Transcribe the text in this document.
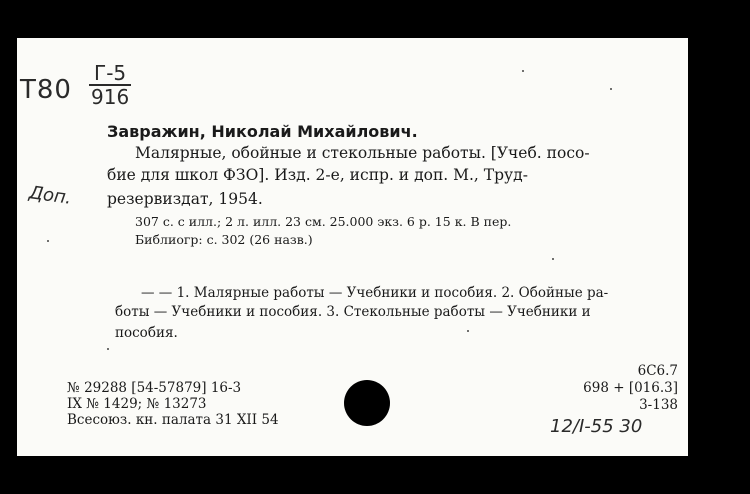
Т80
Г-5
916
Завражин, Николай Михайлович.
Малярные, обойные и стекольные работы. [Учеб. посо-
бие для школ ФЗО]. Изд. 2-е, испр. и доп. М., Труд-
резервиздат, 1954.
Доп.
307 с. с илл.; 2 л. илл. 23 см. 25.000 экз. 6 р. 15 к. В пер.
Библиогр: с. 302 (26 назв.)
— — 1. Малярные работы — Учебники и пособия. 2. Обойные ра-
боты — Учебники и пособия. 3. Стекольные работы — Учебники и
пособия.
№ 29288 [54-57879] 16-3
IX № 1429; № 13273
Всесоюз. кн. палата 31 XII 54
6С6.7
698 + [016.3]
3-138
12/I-55 30
